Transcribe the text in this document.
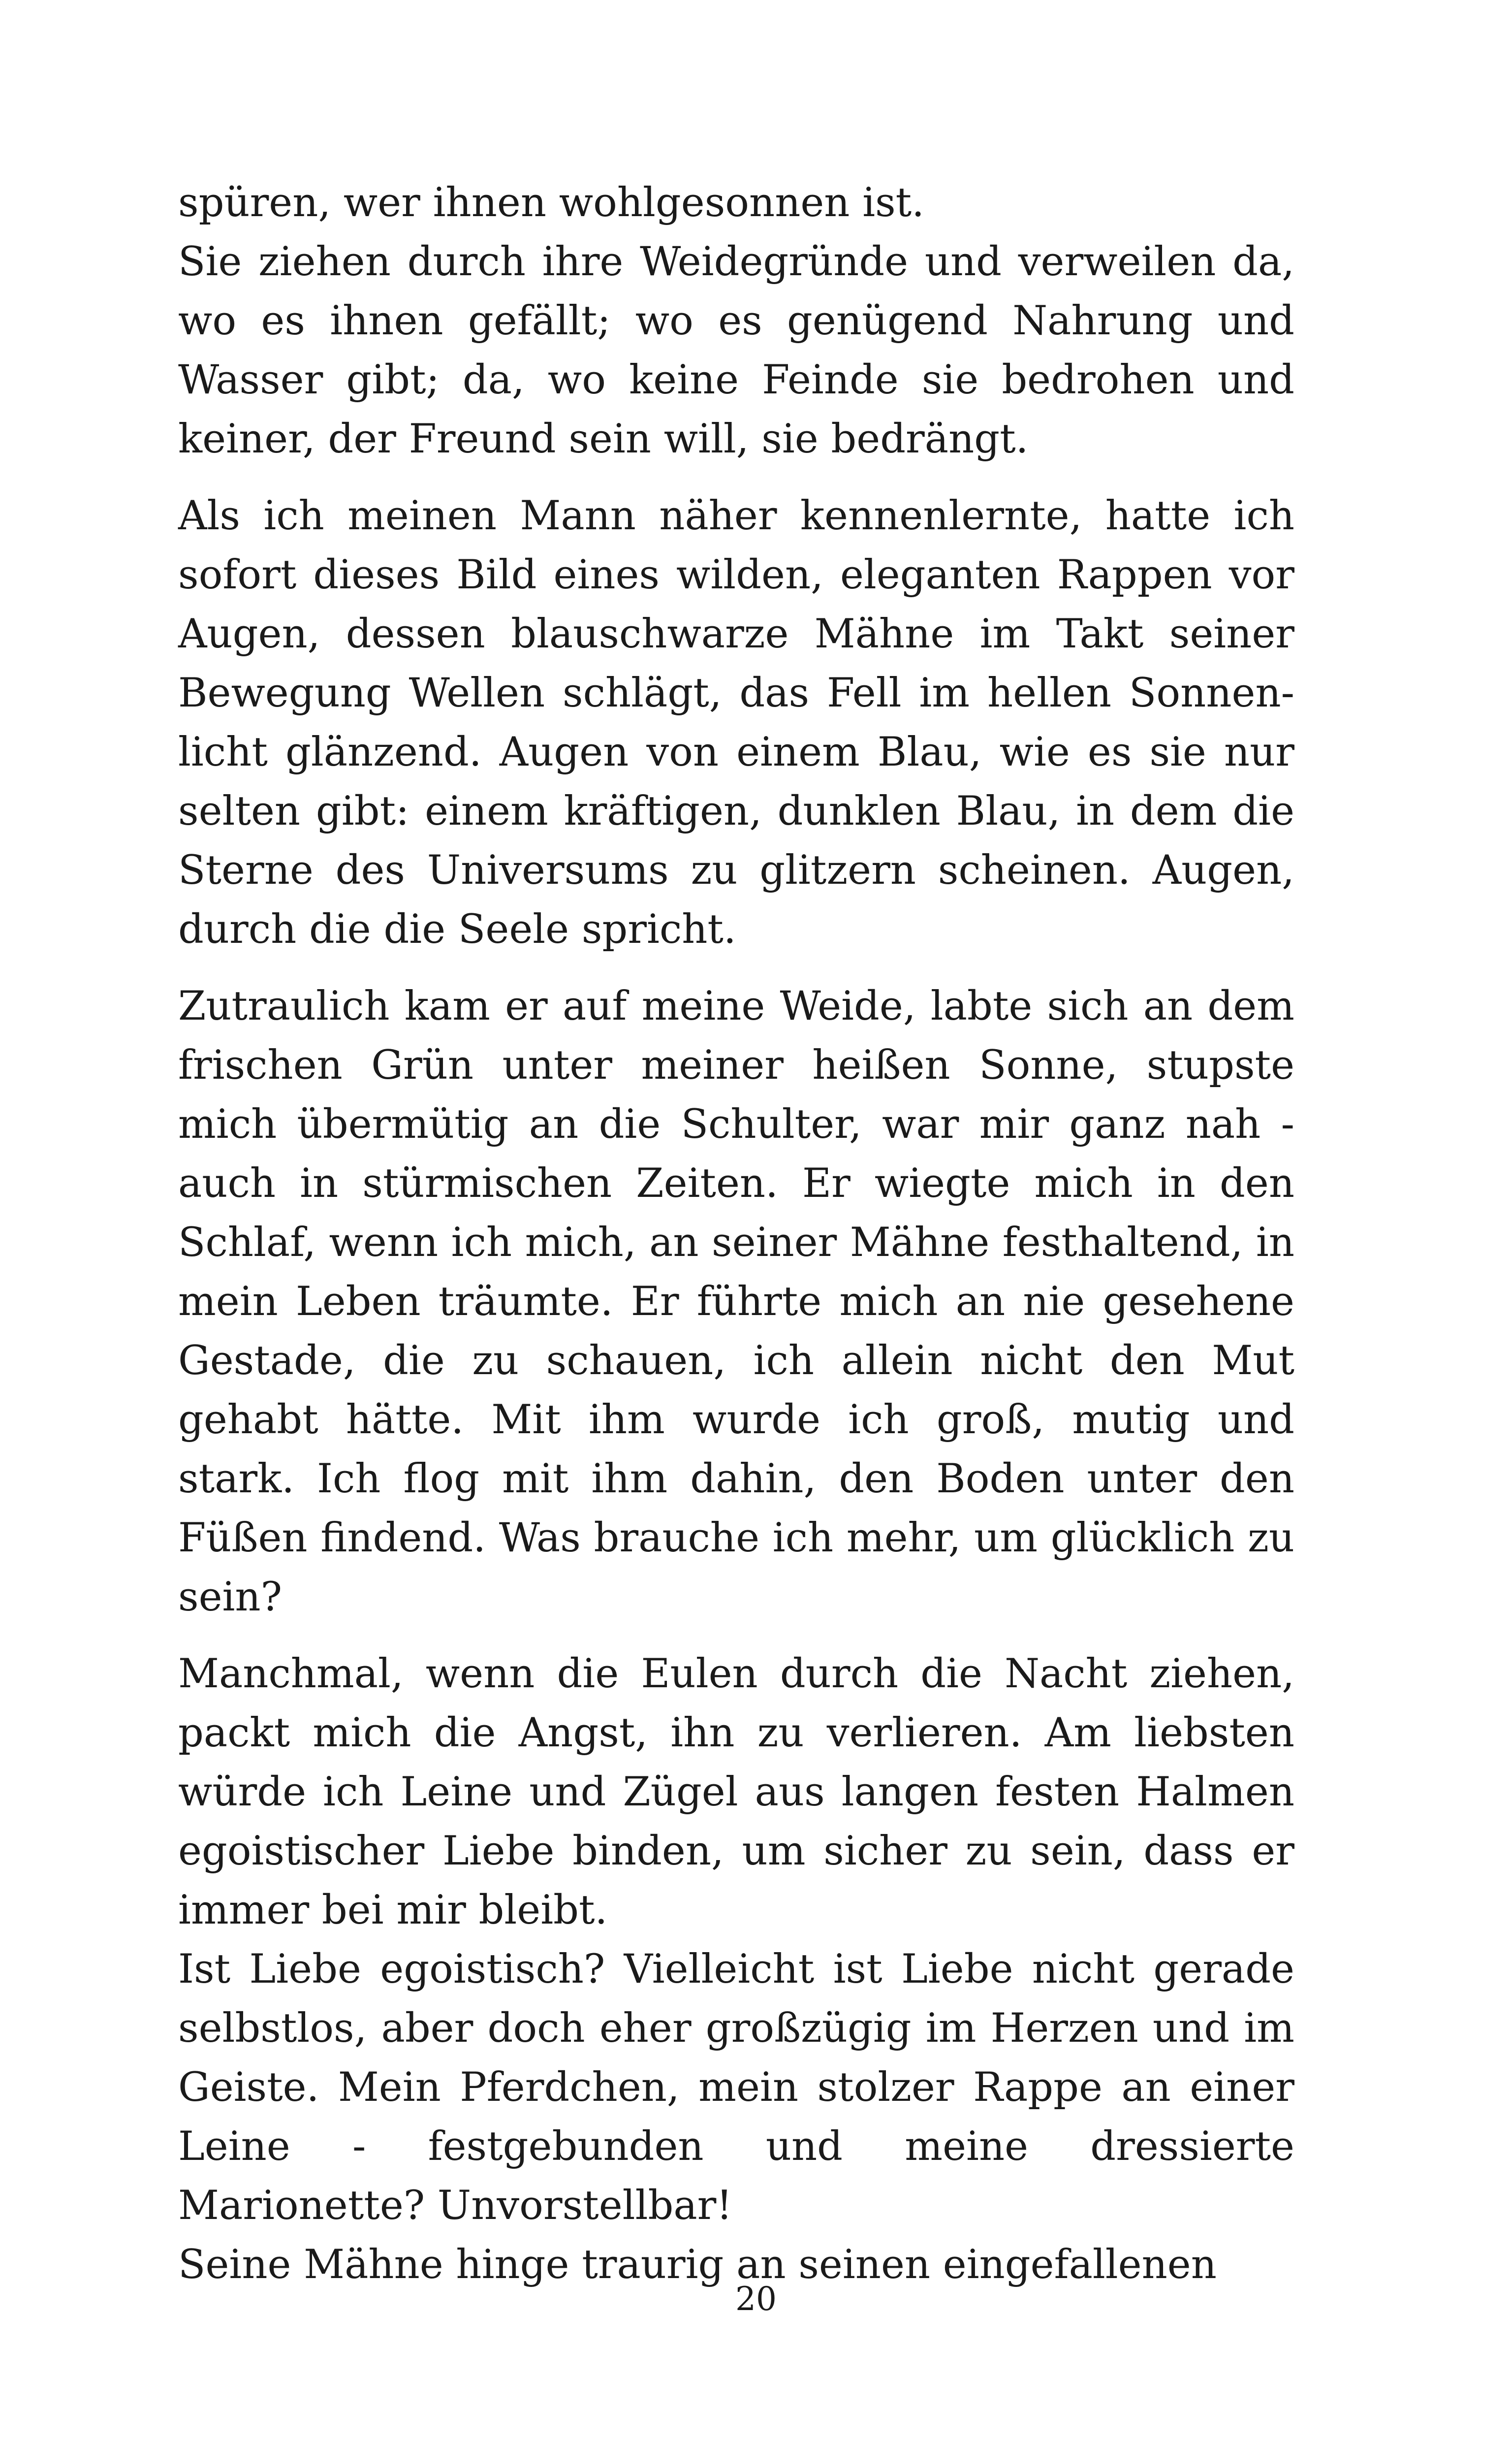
spüren, wer ihnen wohlgesonnen ist.

Sie ziehen durch ihre Weidegründe und verweilen da, wo es ihnen gefällt; wo es genügend Nahrung und Wasser gibt; da, wo keine Feinde sie bedrohen und keiner, der Freund sein will, sie bedrängt.

Als ich meinen Mann näher kennenlernte, hatte ich sofort dieses Bild eines wilden, eleganten Rappen vor Augen, dessen blauschwarze Mähne im Takt seiner Bewegung Wellen schlägt, das Fell im hellen Sonnenlicht glänzend. Augen von einem Blau, wie es sie nur selten gibt: einem kräftigen, dunklen Blau, in dem die Sterne des Universums zu glitzern scheinen. Augen, durch die die Seele spricht.

Zutraulich kam er auf meine Weide, labte sich an dem frischen Grün unter meiner heißen Sonne, stupste mich übermütig an die Schulter, war mir ganz nah - auch in stürmischen Zeiten. Er wiegte mich in den Schlaf, wenn ich mich, an seiner Mähne festhaltend, in mein Leben träumte. Er führte mich an nie gesehene Gestade, die zu schauen, ich allein nicht den Mut gehabt hätte. Mit ihm wurde ich groß, mutig und stark. Ich flog mit ihm dahin, den Boden unter den Füßen findend. Was brauche ich mehr, um glücklich zu sein?

Manchmal, wenn die Eulen durch die Nacht ziehen, packt mich die Angst, ihn zu verlieren. Am liebsten würde ich Leine und Zügel aus langen festen Halmen egoistischer Liebe binden, um sicher zu sein, dass er immer bei mir bleibt.

Ist Liebe egoistisch? Vielleicht ist Liebe nicht gerade selbstlos, aber doch eher großzügig im Herzen und im Geiste. Mein Pferdchen, mein stolzer Rappe an einer Leine - festgebunden und meine dressierte Marionette? Unvorstellbar!

Seine Mähne hinge traurig an seinen eingefallenen

20
